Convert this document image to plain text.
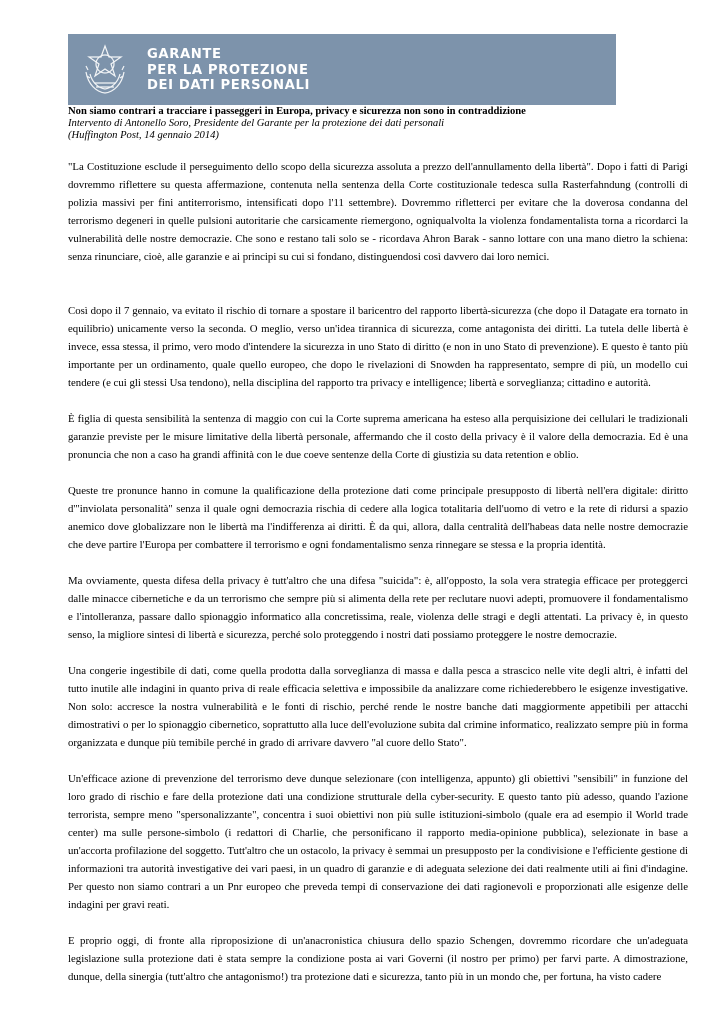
GARANTE
PER LA PROTEZIONE
DEI DATI PERSONALI
Non siamo contrari a tracciare i passeggeri in Europa, privacy e sicurezza non sono in contraddizione
Intervento di Antonello Soro, Presidente del Garante per la protezione dei dati personali
(Huffington Post, 14 gennaio 2014)

"La Costituzione esclude il perseguimento dello scopo della sicurezza assoluta a prezzo dell'annullamento della libertà". Dopo i fatti di Parigi dovremmo riflettere su questa affermazione, contenuta nella sentenza della Corte costituzionale tedesca sulla Rasterfahndung (controlli di polizia massivi per fini antiterrorismo, intensificati dopo l'11 settembre). Dovremmo rifletterci per evitare che la doverosa condanna del terrorismo degeneri in quelle pulsioni autoritarie che carsicamente riemergono, ogniqualvolta la violenza fondamentalista torna a ricordarci la vulnerabilità delle nostre democrazie. Che sono e restano tali solo se - ricordava Ahron Barak - sanno lottare con una mano dietro la schiena: senza rinunciare, cioè, alle garanzie e ai principi su cui si fondano, distinguendosi così davvero dai loro nemici.

Così dopo il 7 gennaio, va evitato il rischio di tornare a spostare il baricentro del rapporto libertà-sicurezza (che dopo il Datagate era tornato in equilibrio) unicamente verso la seconda. O meglio, verso un'idea tirannica di sicurezza, come antagonista dei diritti. La tutela delle libertà è invece, essa stessa, il primo, vero modo d'intendere la sicurezza in uno Stato di diritto (e non in uno Stato di prevenzione). E questo è tanto più importante per un ordinamento, quale quello europeo, che dopo le rivelazioni di Snowden ha rappresentato, sempre di più, un modello cui tendere (e cui gli stessi Usa tendono), nella disciplina del rapporto tra privacy e intelligence; libertà e sorveglianza; cittadino e autorità.

È figlia di questa sensibilità la sentenza di maggio con cui la Corte suprema americana ha esteso alla perquisizione dei cellulari le tradizionali garanzie previste per le misure limitative della libertà personale, affermando che il costo della privacy è il valore della democrazia. Ed è una pronuncia che non a caso ha grandi affinità con le due coeve sentenze della Corte di giustizia su data retention e oblio.

Queste tre pronunce hanno in comune la qualificazione della protezione dati come principale presupposto di libertà nell'era digitale: diritto d'"inviolata personalità" senza il quale ogni democrazia rischia di cedere alla logica totalitaria dell'uomo di vetro e la rete di ridursi a spazio anemico dove globalizzare non le libertà ma l'indifferenza ai diritti. È da qui, allora, dalla centralità dell'habeas data nelle nostre democrazie che deve partire l'Europa per combattere il terrorismo e ogni fondamentalismo senza rinnegare se stessa e la propria identità.

Ma ovviamente, questa difesa della privacy è tutt'altro che una difesa "suicida": è, all'opposto, la sola vera strategia efficace per proteggerci dalle minacce cibernetiche e da un terrorismo che sempre più si alimenta della rete per reclutare nuovi adepti, promuovere il fondamentalismo e l'intolleranza, passare dallo spionaggio informatico alla concretissima, reale, violenza delle stragi e degli attentati. La privacy è, in questo senso, la migliore sintesi di libertà e sicurezza, perché solo proteggendo i nostri dati possiamo proteggere le nostre democrazie.

Una congerie ingestibile di dati, come quella prodotta dalla sorveglianza di massa e dalla pesca a strascico nelle vite degli altri, è infatti del tutto inutile alle indagini in quanto priva di reale efficacia selettiva e impossibile da analizzare come richiederebbero le esigenze investigative. Non solo: accresce la nostra vulnerabilità e le fonti di rischio, perché rende le nostre banche dati maggiormente appetibili per attacchi dimostrativi o per lo spionaggio cibernetico, soprattutto alla luce dell'evoluzione subita dal crimine informatico, realizzato sempre più in forma organizzata e dunque più temibile perché in grado di arrivare davvero "al cuore dello Stato".

Un'efficace azione di prevenzione del terrorismo deve dunque selezionare (con intelligenza, appunto) gli obiettivi "sensibili" in funzione del loro grado di rischio e fare della protezione dati una condizione strutturale della cyber-security. E questo tanto più adesso, quando l'azione terrorista, sempre meno "spersonalizzante", concentra i suoi obiettivi non più sulle istituzioni-simbolo (quale era ad esempio il World trade center) ma sulle persone-simbolo (i redattori di Charlie, che personificano il rapporto media-opinione pubblica), selezionate in base a un'accorta profilazione del soggetto. Tutt'altro che un ostacolo, la privacy è semmai un presupposto per la condivisione e l'efficiente gestione di informazioni tra autorità investigative dei vari paesi, in un quadro di garanzie e di adeguata selezione dei dati realmente utili ai fini d'indagine. Per questo non siamo contrari a un Pnr europeo che preveda tempi di conservazione dei dati ragionevoli e proporzionati alle esigenze delle indagini per gravi reati.

E proprio oggi, di fronte alla riproposizione di un'anacronistica chiusura dello spazio Schengen, dovremmo ricordare che un'adeguata legislazione sulla protezione dati è stata sempre la condizione posta ai vari Governi (il nostro per primo) per farvi parte. A dimostrazione, dunque, della sinergia (tutt'altro che antagonismo!) tra protezione dati e sicurezza, tanto più in un mondo che, per fortuna, ha visto cadere
